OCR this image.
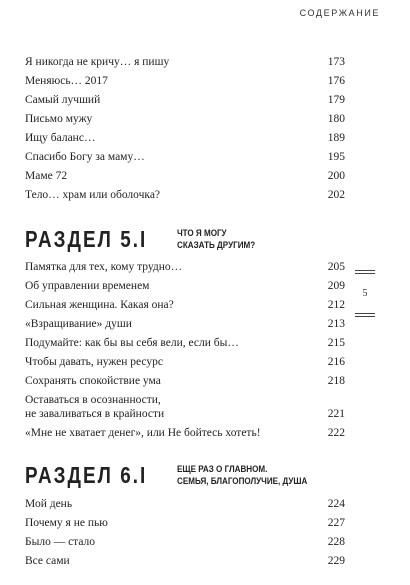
СОДЕРЖАНИЕ
Я никогда не кричу… я пишу	173
Меняюсь… 2017	176
Самый лучший	179
Письмо мужу	180
Ищу баланс…	189
Спасибо Богу за маму…	195
Маме 72	200
Тело… храм или оболочка?	202
РАЗДЕЛ 5.І	ЧТО Я МОГУ
СКАЗАТЬ ДРУГИМ?
Памятка для тех, кому трудно…	205
Об управлении временем	209
Сильная женщина. Какая она?	212
«Взращивание» души	213
Подумайте: как бы вы себя вели, если бы…	215
Чтобы давать, нужен ресурс	216
Сохранять спокойствие ума	218
Оставаться в осознанности,
не заваливаться в крайности	221
«Мне не хватает денег», или Не бойтесь хотеть!	222
РАЗДЕЛ 6.І	ЕЩЕ РАЗ О ГЛАВНОМ.
СЕМЬЯ, БЛАГОПОЛУЧИЕ, ДУША
Мой день	224
Почему я не пью	227
Было — стало	228
Все сами	229
5
